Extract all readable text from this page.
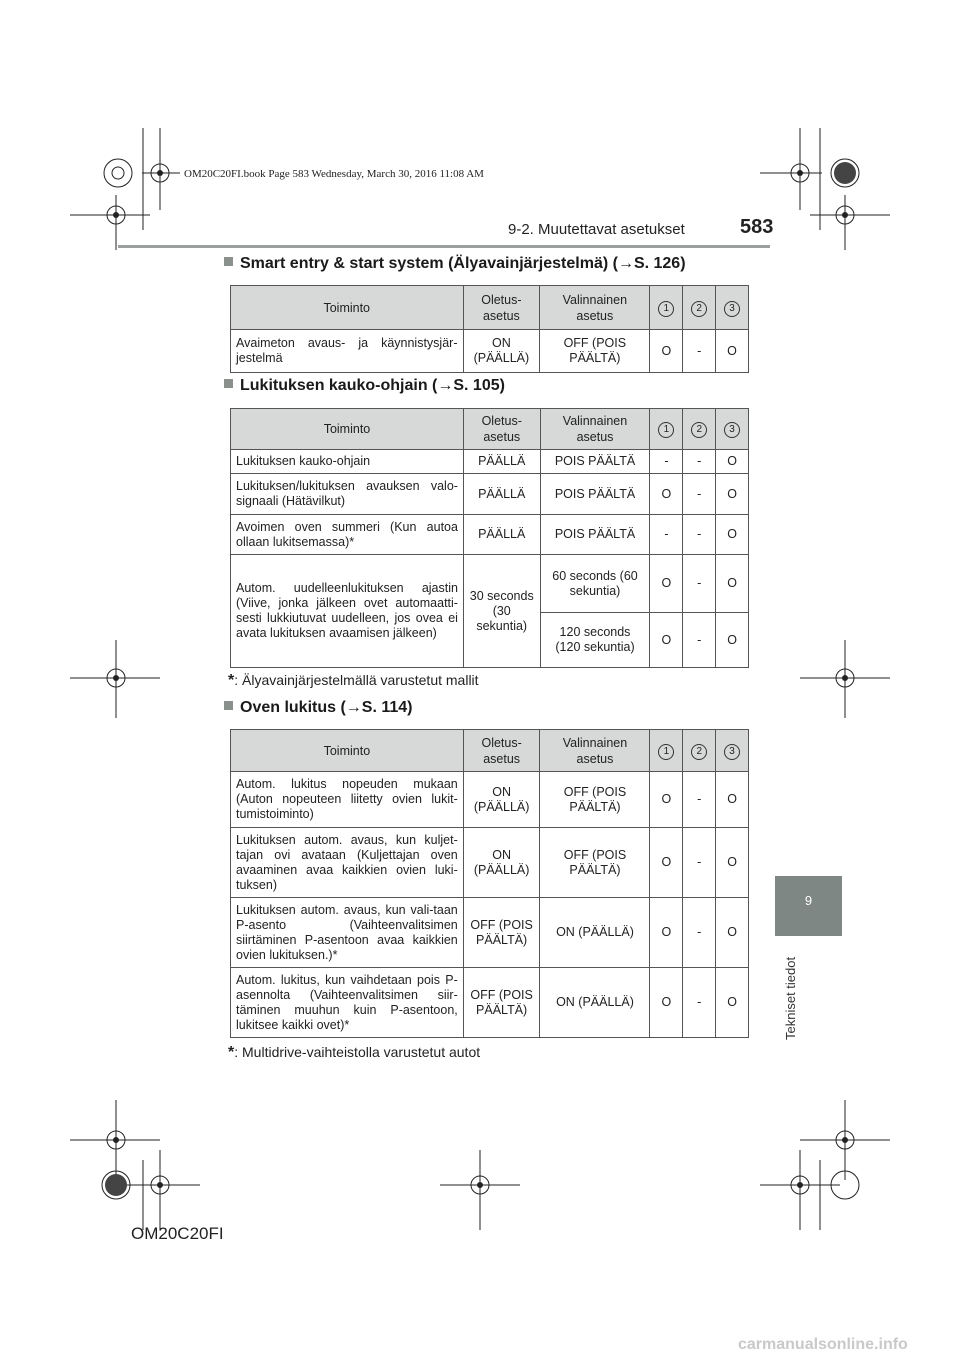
OM20C20FI.book Page 583 Wednesday, March 30, 2016 11:08 AM
9-2. Muutettavat asetukset	583
9
Tekniset tiedot
Smart entry & start system (Älyavainjärjestelmä) (→S. 126)
Toiminto	Oletus-asetus	Valinnainen asetus	1	2	3
Avaimeton avaus- ja käynnistysjär-jestelmä	ON (PÄÄLLÄ)	OFF (POIS PÄÄLTÄ)	O	-	O
Lukituksen kauko-ohjain (→S. 105)
Toiminto	Oletus-asetus	Valinnainen asetus	1	2	3
Lukituksen kauko-ohjain	PÄÄLLÄ	POIS PÄÄLTÄ	-	-	O
Lukituksen/lukituksen avauksen valo-signaali (Hätävilkut)	PÄÄLLÄ	POIS PÄÄLTÄ	O	-	O
Avoimen oven summeri (Kun autoa ollaan lukitsemassa)*	PÄÄLLÄ	POIS PÄÄLTÄ	-	-	O
Autom. uudelleenlukituksen ajastin (Viive, jonka jälkeen ovet automaatti-sesti lukkiutuvat uudelleen, jos ovea ei avata lukituksen avaamisen jälkeen)	30 seconds (30 sekuntia)	60 seconds (60 sekuntia)	O	-	O
		120 seconds (120 sekuntia)	O	-	O
*: Älyavainjärjestelmällä varustetut mallit
Oven lukitus (→S. 114)
Toiminto	Oletus-asetus	Valinnainen asetus	1	2	3
Autom. lukitus nopeuden mukaan (Auton nopeuteen liitetty ovien lukit-tumistoiminto)	ON (PÄÄLLÄ)	OFF (POIS PÄÄLTÄ)	O	-	O
Lukituksen autom. avaus, kun kuljet-tajan ovi avataan (Kuljettajan oven avaaminen avaa kaikkien ovien luki-tuksen)	ON (PÄÄLLÄ)	OFF (POIS PÄÄLTÄ)	O	-	O
Lukituksen autom. avaus, kun vali-taan P-asento (Vaihteenvalitsimen siirtäminen P-asentoon avaa kaikkien ovien lukituksen.)*	OFF (POIS PÄÄLTÄ)	ON (PÄÄLLÄ)	O	-	O
Autom. lukitus, kun vaihdetaan pois P-asennolta (Vaihteenvalitsimen siir-täminen muuhun kuin P-asentoon, lukitsee kaikki ovet)*	OFF (POIS PÄÄLTÄ)	ON (PÄÄLLÄ)	O	-	O
*: Multidrive-vaihteistolla varustetut autot
OM20C20FI
carmanualsonline.info
